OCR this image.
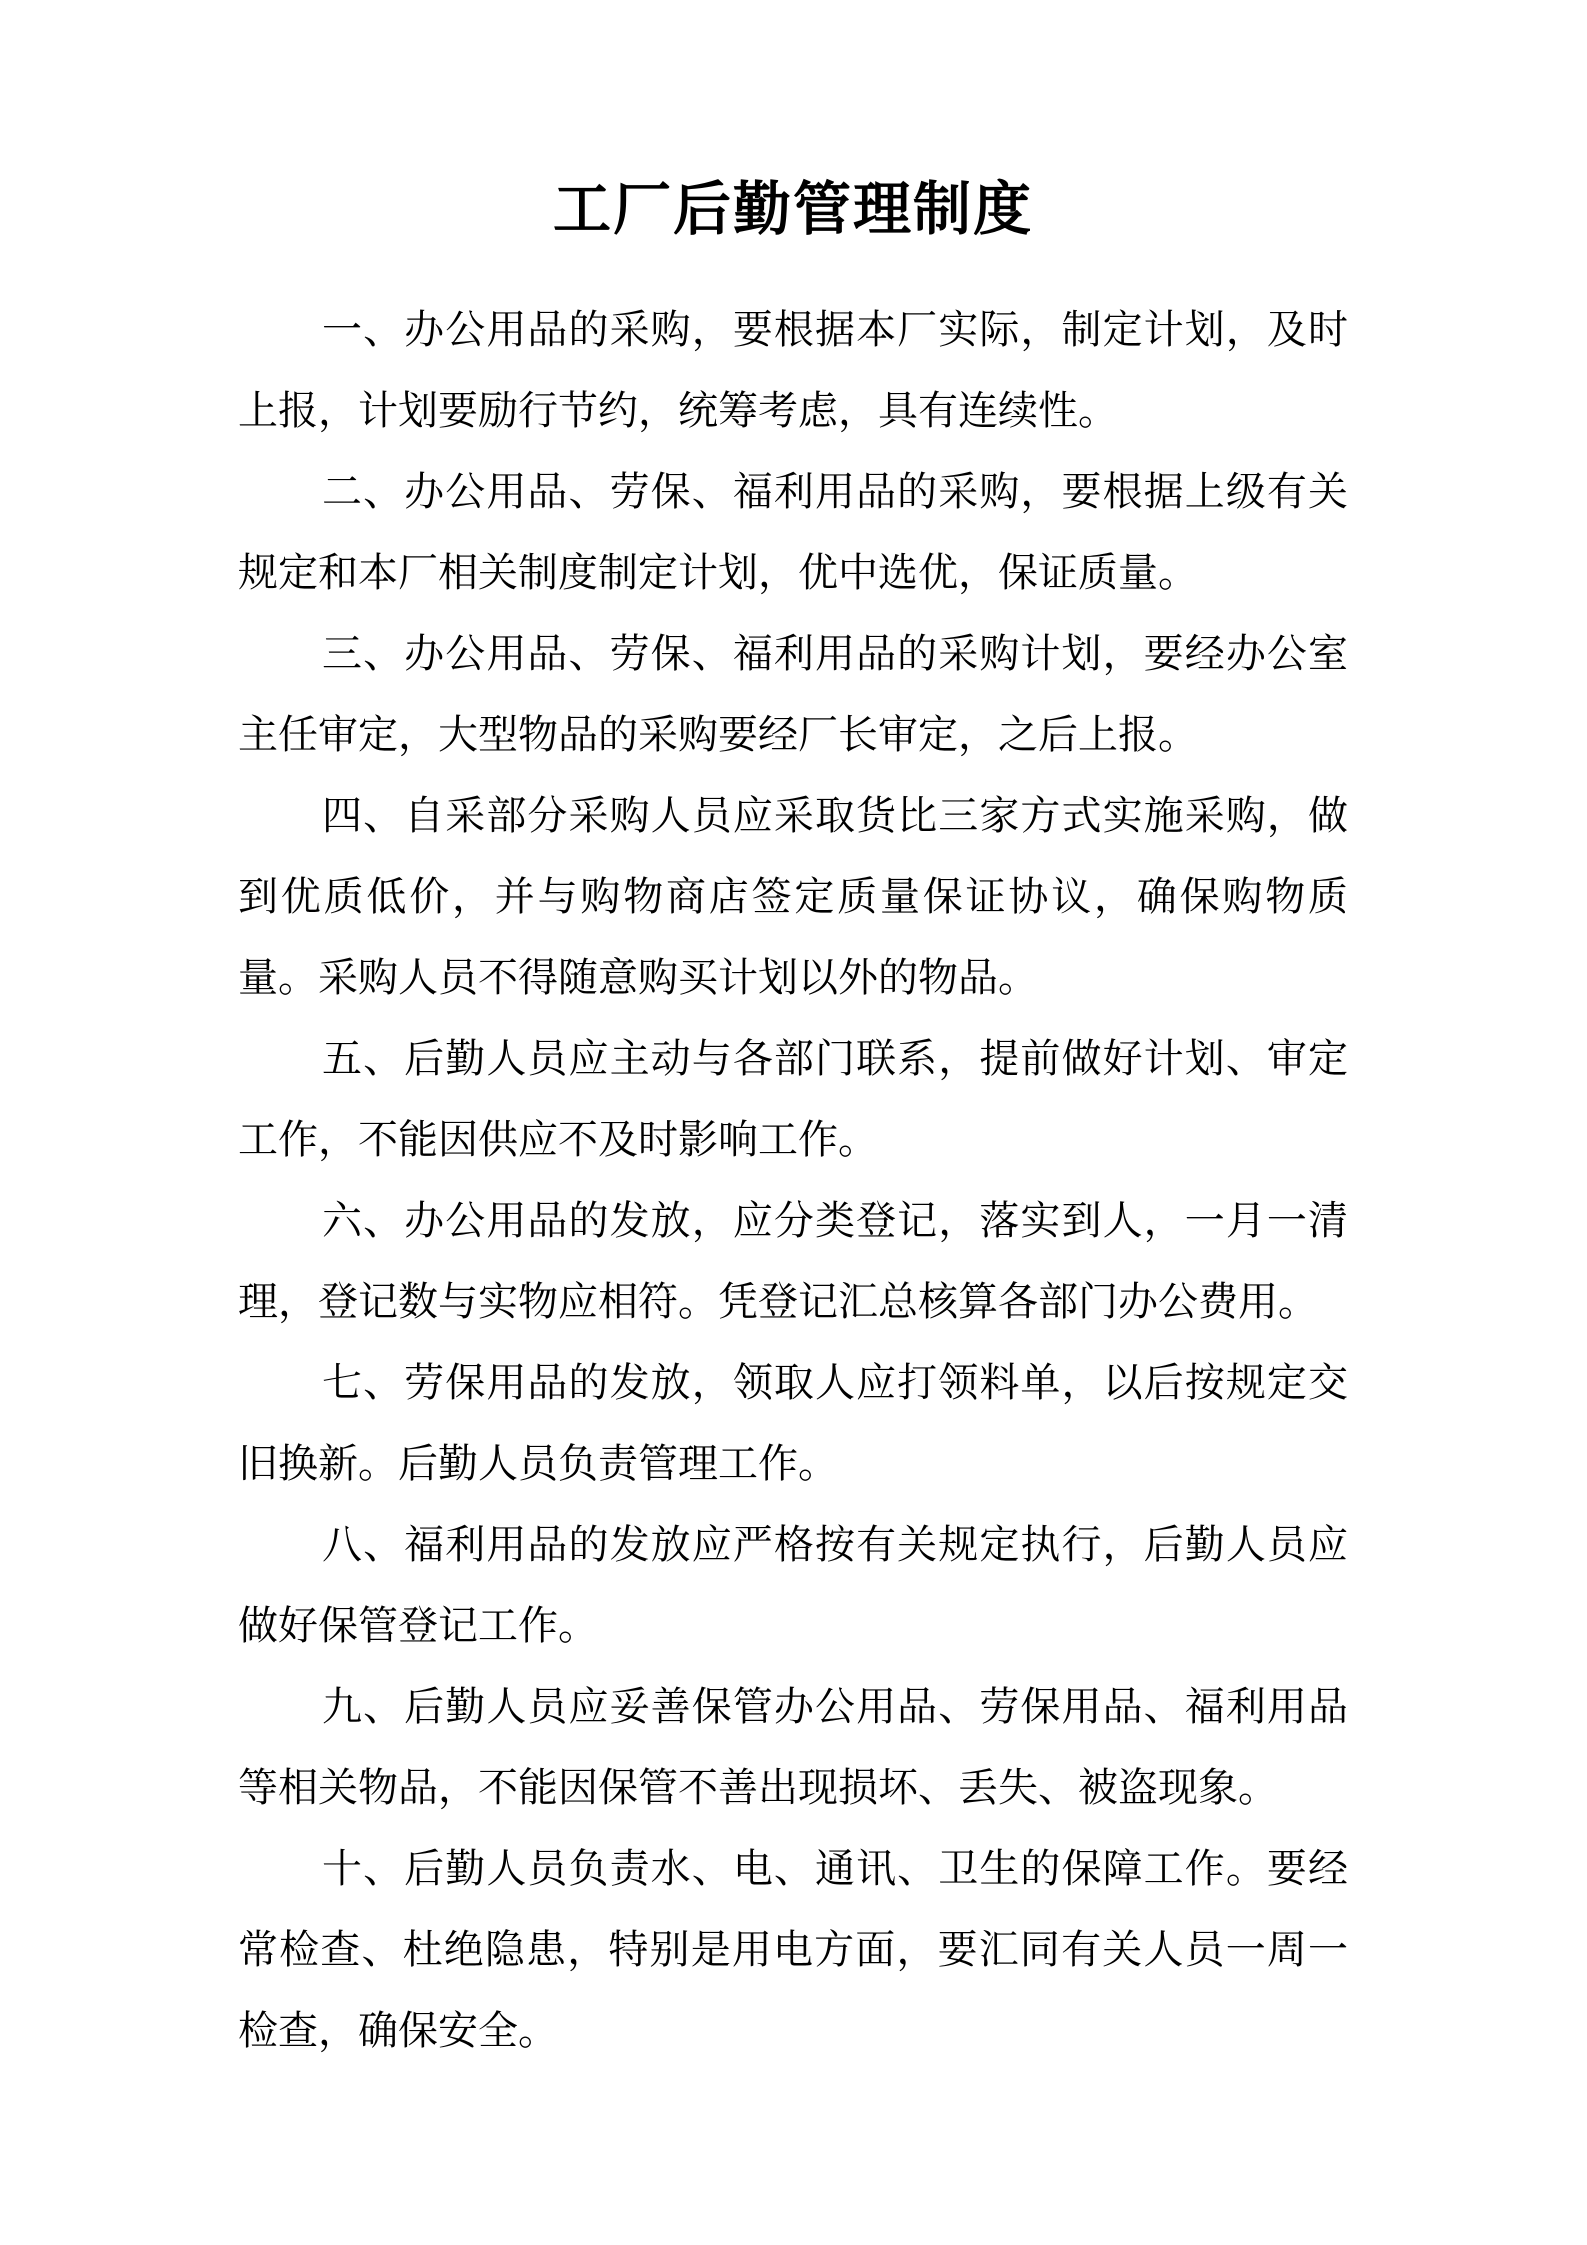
工厂后勤管理制度

一、办公用品的采购，要根据本厂实际，制定计划，及时上报，计划要励行节约，统筹考虑，具有连续性。

二、办公用品、劳保、福利用品的采购，要根据上级有关规定和本厂相关制度制定计划，优中选优，保证质量。

三、办公用品、劳保、福利用品的采购计划，要经办公室主任审定，大型物品的采购要经厂长审定，之后上报。

四、自采部分采购人员应采取货比三家方式实施采购，做到优质低价，并与购物商店签定质量保证协议，确保购物质量。采购人员不得随意购买计划以外的物品。

五、后勤人员应主动与各部门联系，提前做好计划、审定工作，不能因供应不及时影响工作。

六、办公用品的发放，应分类登记，落实到人，一月一清理，登记数与实物应相符。凭登记汇总核算各部门办公费用。

七、劳保用品的发放，领取人应打领料单，以后按规定交旧换新。后勤人员负责管理工作。

八、福利用品的发放应严格按有关规定执行，后勤人员应做好保管登记工作。

九、后勤人员应妥善保管办公用品、劳保用品、福利用品等相关物品，不能因保管不善出现损坏、丢失、被盗现象。

十、后勤人员负责水、电、通讯、卫生的保障工作。要经常检查、杜绝隐患，特别是用电方面，要汇同有关人员一周一检查，确保安全。
